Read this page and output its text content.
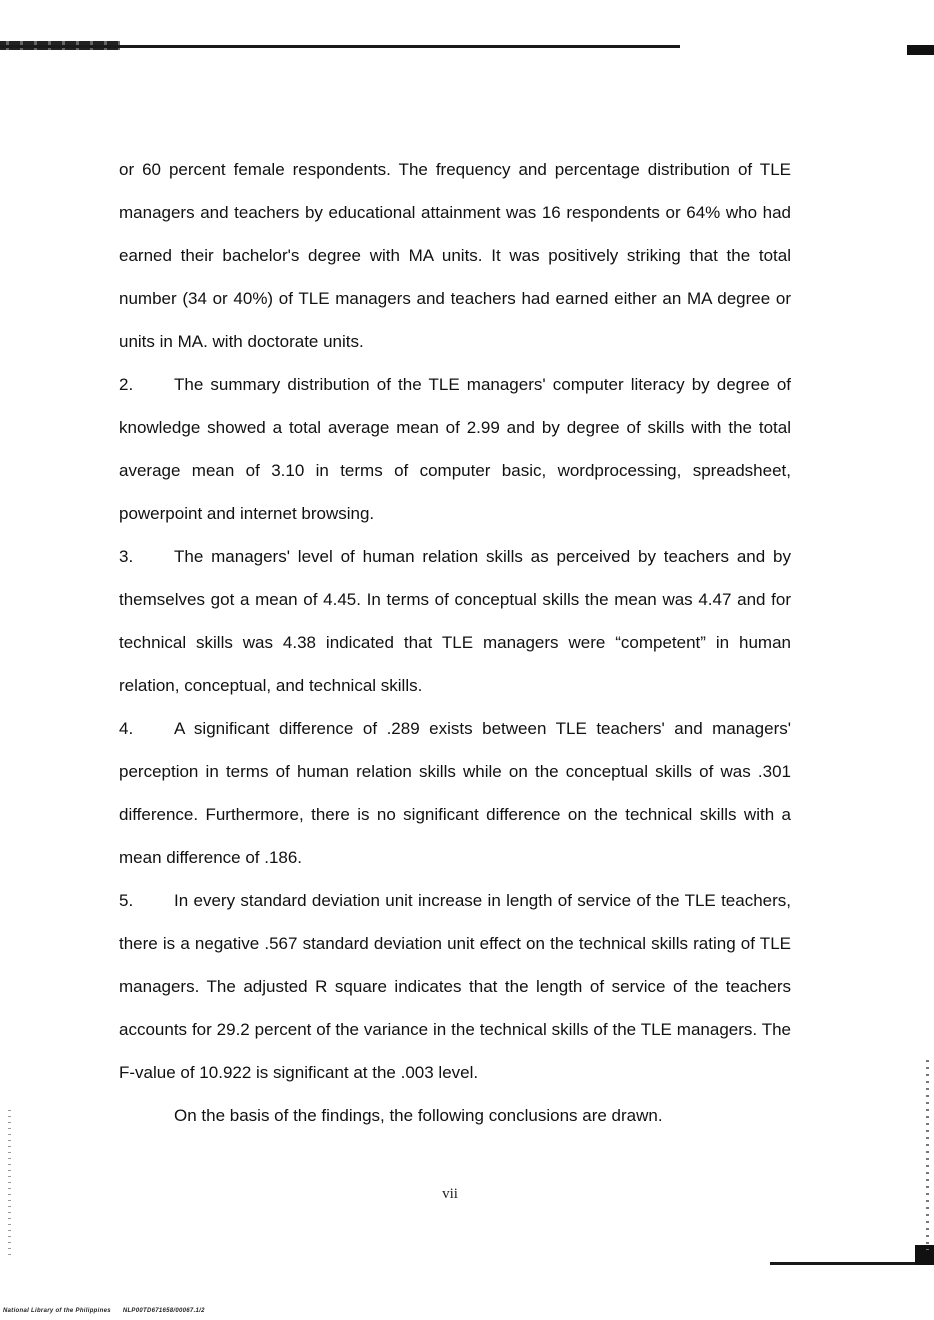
or 60 percent female respondents. The frequency and percentage distribution of TLE managers and teachers by educational attainment was 16 respondents or 64% who had earned their bachelor's degree with MA units. It was positively striking that the total number (34 or 40%) of TLE managers and teachers had earned either an MA degree or units in MA. with doctorate units.

2. The summary distribution of the TLE managers' computer literacy by degree of knowledge showed a total average mean of 2.99 and by degree of skills with the total average mean of 3.10 in terms of computer basic, wordprocessing, spreadsheet, powerpoint and internet browsing.

3. The managers' level of human relation skills as perceived by teachers and by themselves got a mean of 4.45. In terms of conceptual skills the mean was 4.47 and for technical skills was 4.38 indicated that TLE managers were “competent” in human relation, conceptual, and technical skills.

4. A significant difference of .289 exists between TLE teachers' and managers' perception in terms of human relation skills while on the conceptual skills of was .301 difference. Furthermore, there is no significant difference on the technical skills with a mean difference of .186.

5. In every standard deviation unit increase in length of service of the TLE teachers, there is a negative .567 standard deviation unit effect on the technical skills rating of TLE managers. The adjusted R square indicates that the length of service of the teachers accounts for 29.2 percent of the variance in the technical skills of the TLE managers. The F-value of 10.922 is significant at the .003 level.

On the basis of the findings, the following conclusions are drawn.

vii
National Library of the Philippines NLP00TD671658/00067.1/2
